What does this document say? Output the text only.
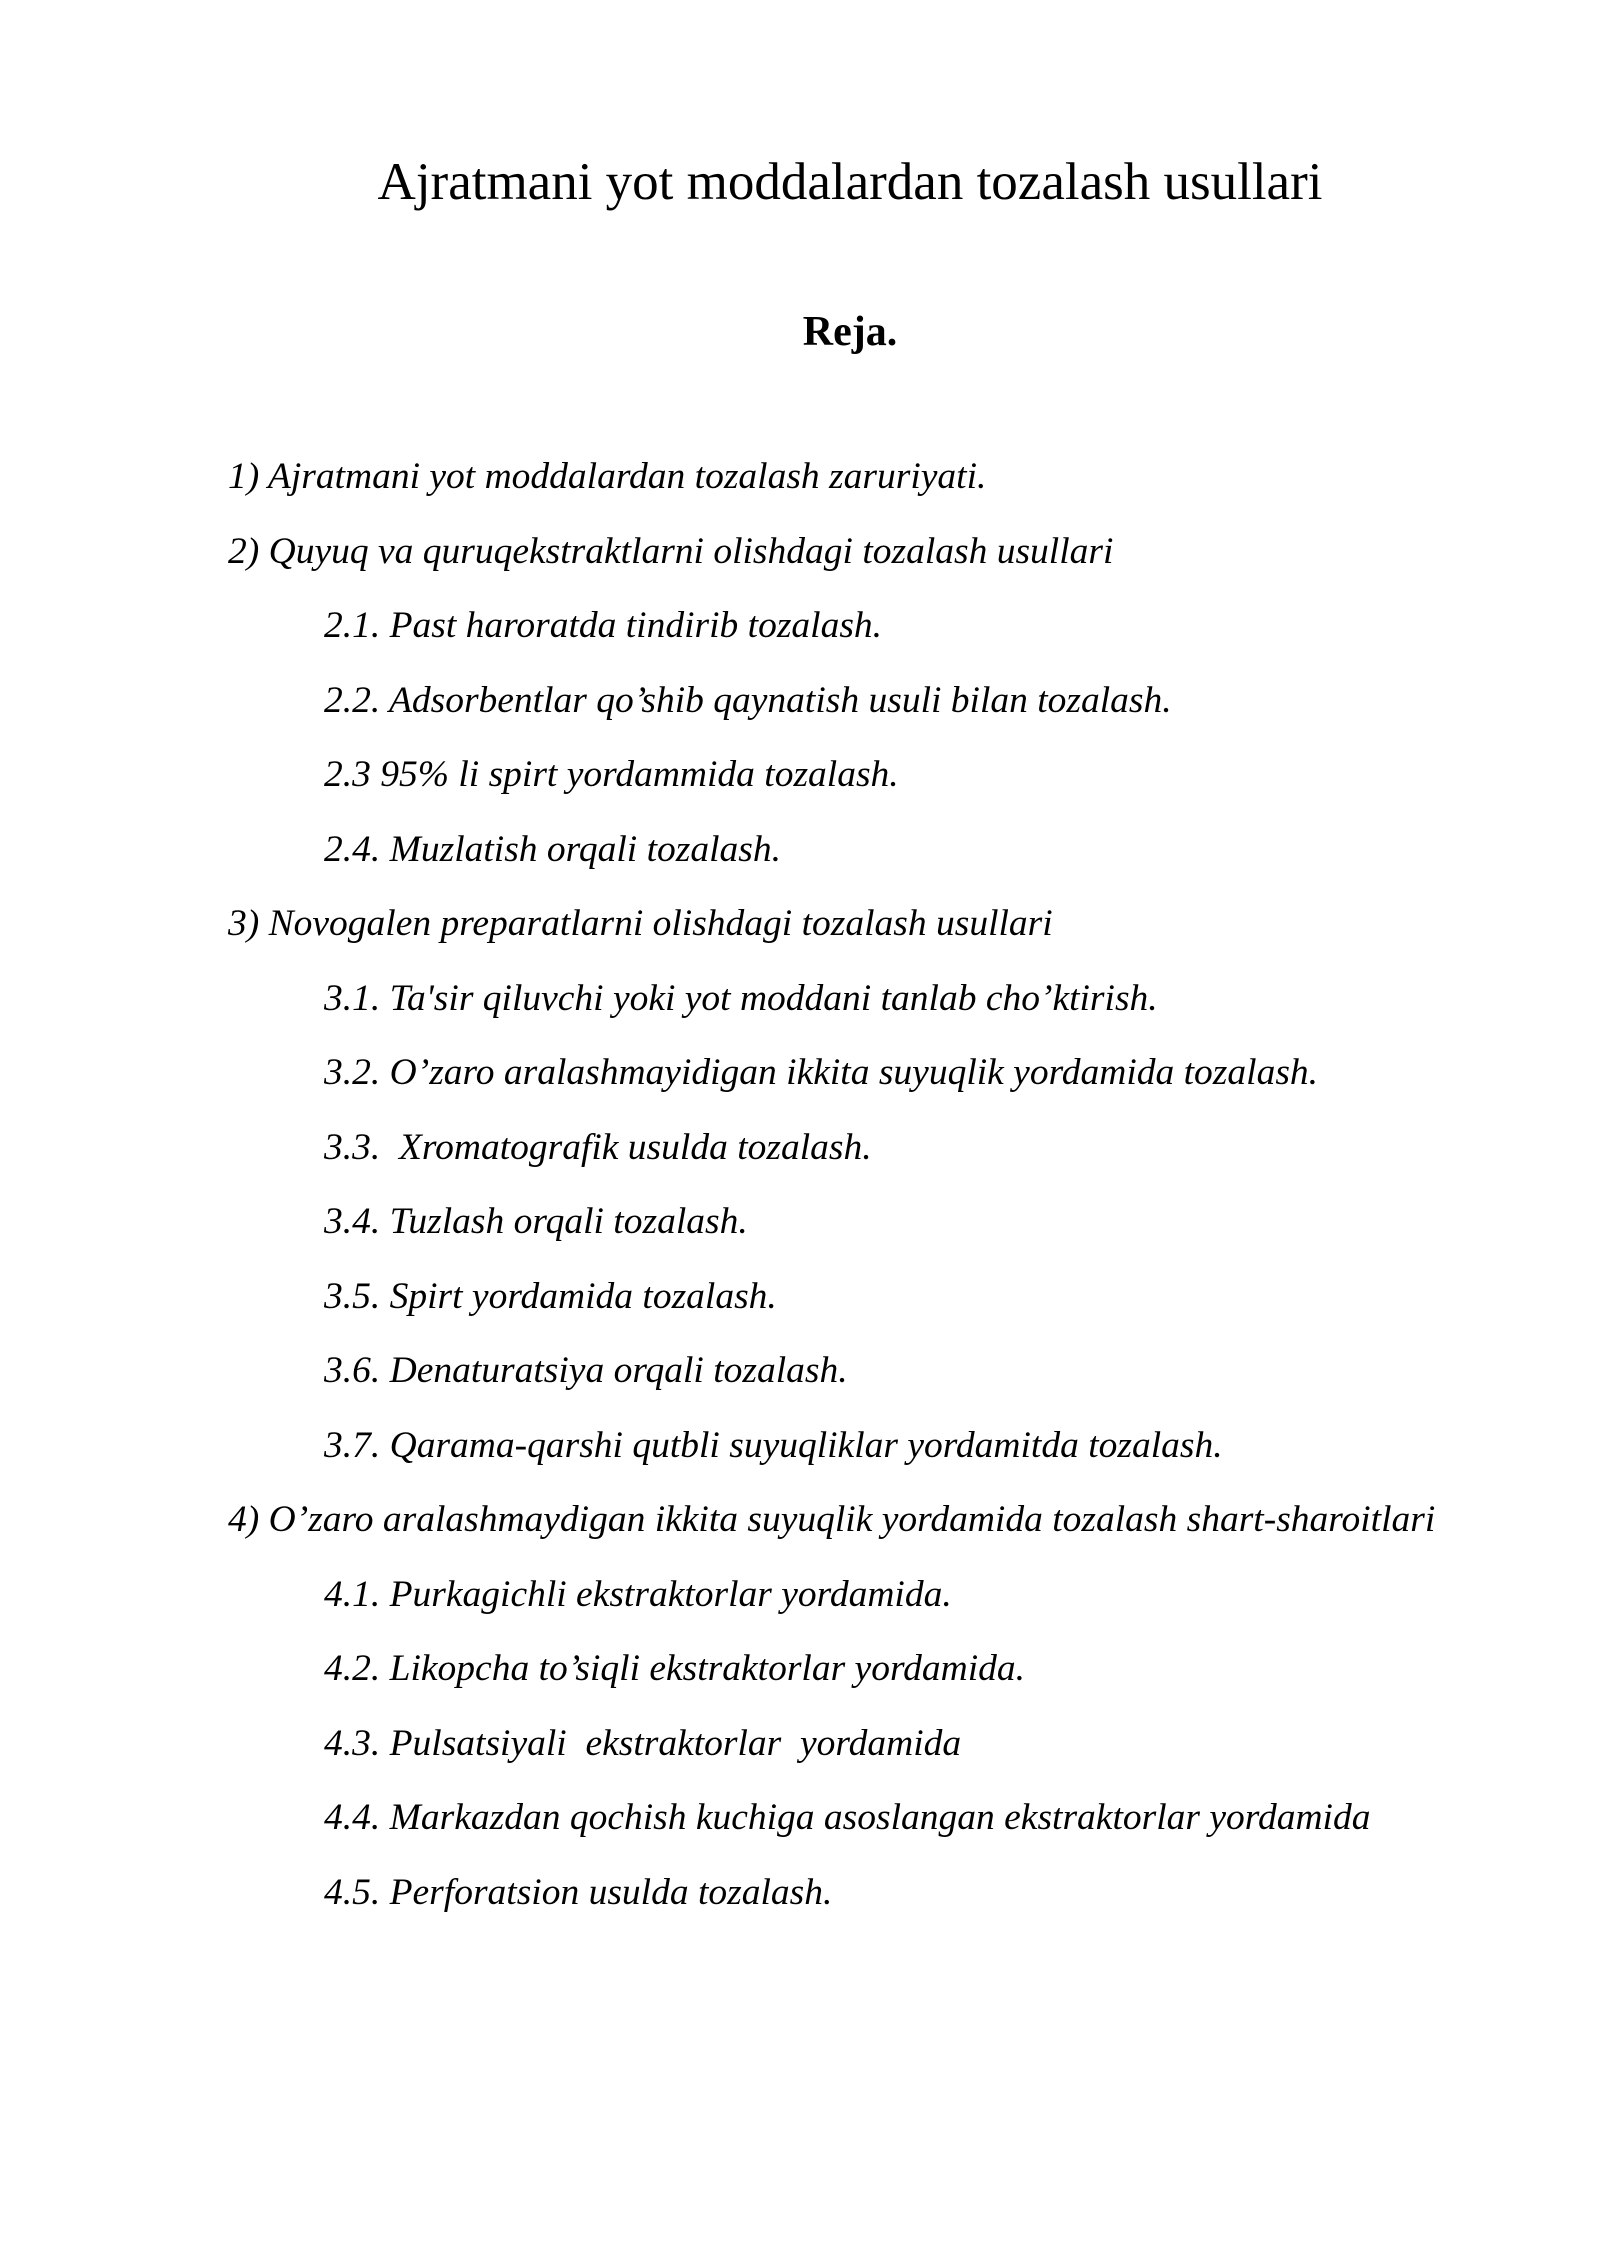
Ajratmani yot moddalardan tozalash usullari
Reja.
1) Ajratmani yot moddalardan tozalash zaruriyati.
2) Quyuq va quruqekstraktlarni olishdagi tozalash usullari
2.1. Past haroratda tindirib tozalash.
2.2. Adsorbentlar qo’shib qaynatish usuli bilan tozalash.
2.3 95% li spirt yordammida tozalash.
2.4. Muzlatish orqali tozalash.
3) Novogalen preparatlarni olishdagi tozalash usullari
3.1. Ta'sir qiluvchi yoki yot moddani tanlab cho’ktirish.
3.2. O’zaro aralashmayidigan ikkita suyuqlik yordamida tozalash.
3.3.  Xromatografik usulda tozalash.
3.4. Tuzlash orqali tozalash.
3.5. Spirt yordamida tozalash.
3.6. Denaturatsiya orqali tozalash.
3.7. Qarama-qarshi qutbli suyuqliklar yordamitda tozalash.
4) O’zaro aralashmaydigan ikkita suyuqlik yordamida tozalash shart-sharoitlari
4.1. Purkagichli ekstraktorlar yordamida.
4.2. Likopcha to’siqli ekstraktorlar yordamida.
4.3. Pulsatsiyali  ekstraktorlar  yordamida
4.4. Markazdan qochish kuchiga asoslangan ekstraktorlar yordamida
4.5. Perforatsion usulda tozalash.
